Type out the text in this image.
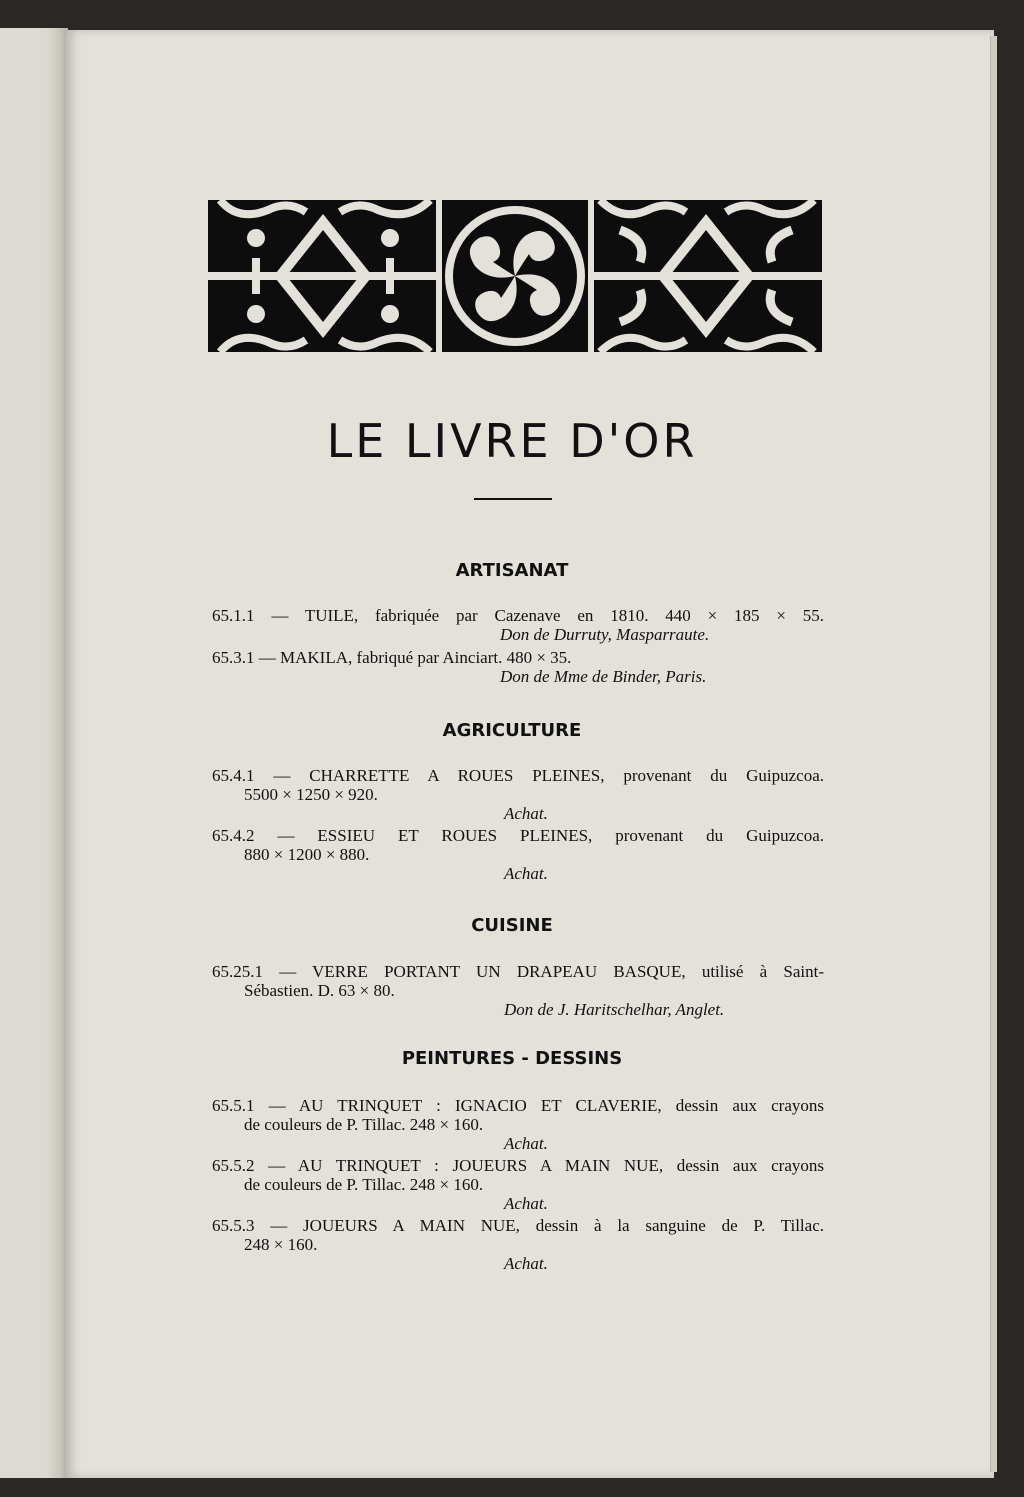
LE LIVRE D'OR
ARTISANAT
65.1.1 — TUILE, fabriquée par Cazenave en 1810. 440 × 185 × 55.
Don de Durruty, Masparraute.
65.3.1 — MAKILA, fabriqué par Ainciart. 480 × 35.
Don de Mme de Binder, Paris.
AGRICULTURE
65.4.1 — CHARRETTE A ROUES PLEINES, provenant du Guipuzcoa.
5500 × 1250 × 920.
Achat.
65.4.2 — ESSIEU ET ROUES PLEINES, provenant du Guipuzcoa.
880 × 1200 × 880.
Achat.
CUISINE
65.25.1 — VERRE PORTANT UN DRAPEAU BASQUE, utilisé à Saint-
Sébastien. D. 63 × 80.
Don de J. Haritschelhar, Anglet.
PEINTURES - DESSINS
65.5.1 — AU TRINQUET : IGNACIO ET CLAVERIE, dessin aux crayons
de couleurs de P. Tillac. 248 × 160.
Achat.
65.5.2 — AU TRINQUET : JOUEURS A MAIN NUE, dessin aux crayons
de couleurs de P. Tillac. 248 × 160.
Achat.
65.5.3 — JOUEURS A MAIN NUE, dessin à la sanguine de P. Tillac.
248 × 160.
Achat.
